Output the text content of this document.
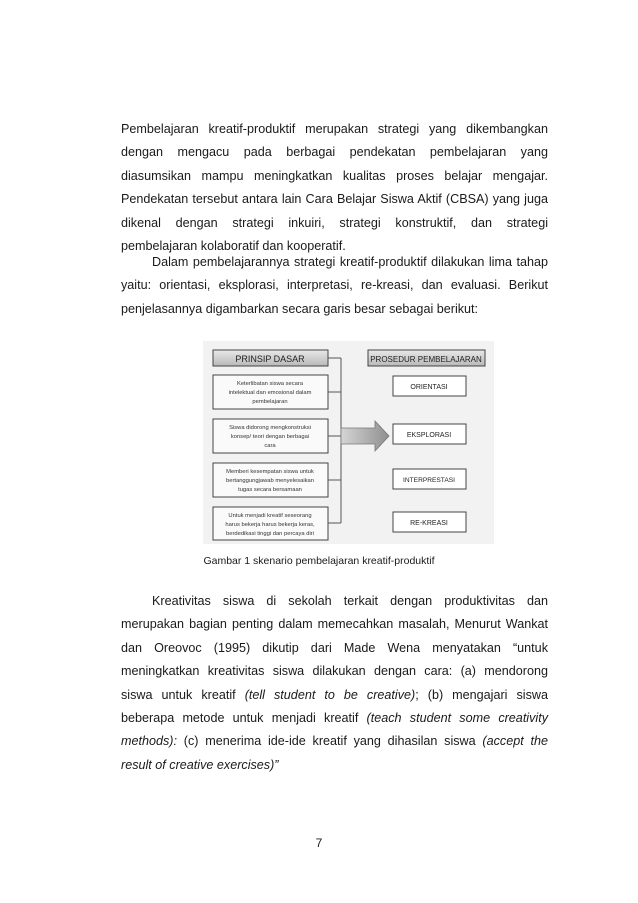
Pembelajaran kreatif-produktif merupakan strategi yang dikembangkan dengan mengacu pada berbagai pendekatan pembelajaran yang diasumsikan mampu meningkatkan kualitas proses belajar mengajar. Pendekatan tersebut antara lain Cara Belajar Siswa Aktif (CBSA) yang juga dikenal dengan strategi inkuiri, strategi konstruktif, dan strategi pembelajaran kolaboratif dan kooperatif.

Dalam pembelajarannya strategi kreatif-produktif dilakukan lima tahap yaitu: orientasi, eksplorasi, interpretasi, re-kreasi, dan evaluasi. Berikut penjelasannya digambarkan secara garis besar sebagai berikut:

PRINSIP DASAR	PROSEDUR PEMBELAJARAN
Keterlibatan siswa secara
intelektual dan emosional dalam
pembelajaran
Siswa didorong mengkonstruksi
konsep/ teori dengan berbagai
cara
Memberi kesempatan siswa untuk
bertanggungjawab menyelesaikan
tugas secara bersamaan
Untuk menjadi kreatif seseorang
harus bekerja harus bekerja keras,
berdedikasi tinggi dan percaya diri
ORIENTASI
EKSPLORASI
INTERPRESTASI
RE-KREASI
Gambar 1 skenario pembelajaran kreatif-produktif

Kreativitas siswa di sekolah terkait dengan produktivitas dan merupakan bagian penting dalam memecahkan masalah, Menurut Wankat dan Oreovoc (1995) dikutip dari Made Wena menyatakan “untuk meningkatkan kreativitas siswa dilakukan dengan cara: (a) mendorong siswa untuk kreatif (tell student to be creative); (b) mengajari siswa beberapa metode untuk menjadi kreatif (teach student some creativity methods): (c) menerima ide-ide kreatif yang dihasilan siswa (accept the result of creative exercises)”

7
